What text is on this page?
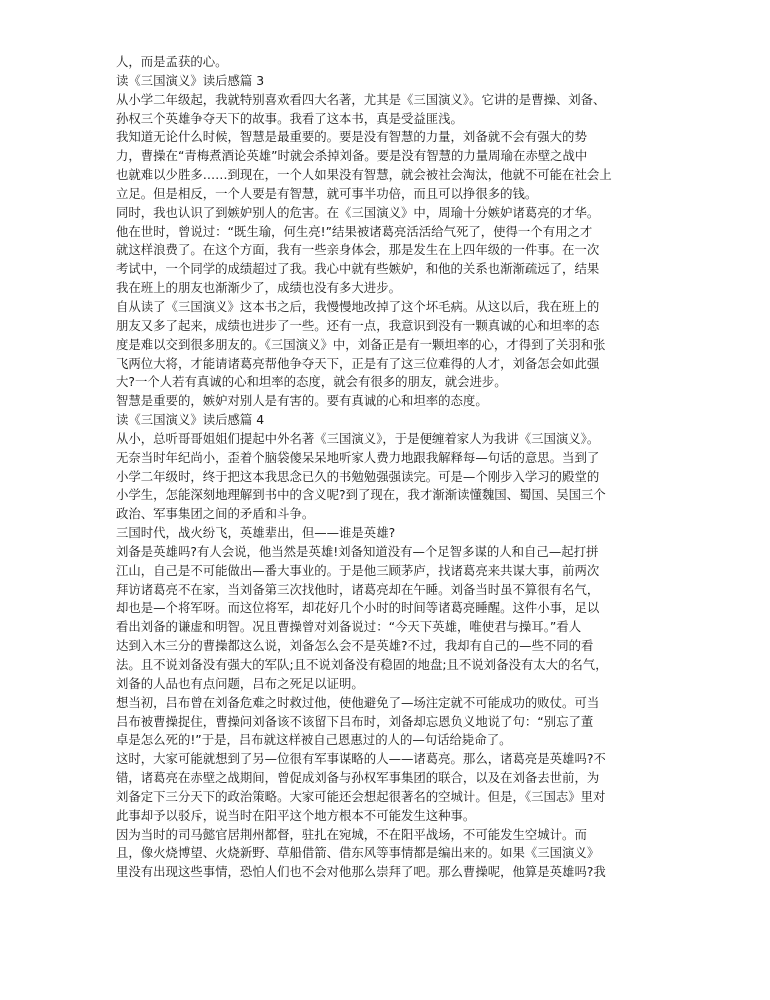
人，而是孟获的心。
读《三国演义》读后感篇 3
从小学二年级起，我就特别喜欢看四大名著，尤其是《三国演义》。它讲的是曹操、刘备、
孙权三个英雄争夺天下的故事。我看了这本书，真是受益匪浅。
我知道无论什么时候，智慧是最重要的。要是没有智慧的力量，刘备就不会有强大的势
力，曹操在“青梅煮酒论英雄”时就会杀掉刘备。要是没有智慧的力量周瑜在赤壁之战中
也就难以少胜多……到现在，一个人如果没有智慧，就会被社会淘汰，他就不可能在社会上
立足。但是相反，一个人要是有智慧，就可事半功倍，而且可以挣很多的钱。
同时，我也认识了到嫉妒别人的危害。在《三国演义》中，周瑜十分嫉妒诸葛亮的才华。
他在世时，曾说过：“既生瑜，何生亮!”结果被诸葛亮活活给气死了，使得一个有用之才
就这样浪费了。在这个方面，我有一些亲身体会，那是发生在上四年级的一件事。在一次
考试中，一个同学的成绩超过了我。我心中就有些嫉妒，和他的关系也渐渐疏远了，结果
我在班上的朋友也渐渐少了，成绩也没有多大进步。
自从读了《三国演义》这本书之后，我慢慢地改掉了这个坏毛病。从这以后，我在班上的
朋友又多了起来，成绩也进步了一些。还有一点，我意识到没有一颗真诚的心和坦率的态
度是难以交到很多朋友的。《三国演义》中，刘备正是有一颗坦率的心，才得到了关羽和张
飞两位大将，才能请诸葛亮帮他争夺天下，正是有了这三位难得的人才，刘备怎会如此强
大?一个人若有真诚的心和坦率的态度，就会有很多的朋友，就会进步。
智慧是重要的，嫉妒对别人是有害的。要有真诚的心和坦率的态度。
读《三国演义》读后感篇 4
从小，总听哥哥姐姐们提起中外名著《三国演义》，于是便缠着家人为我讲《三国演义》。
无奈当时年纪尚小，歪着个脑袋傻呆呆地听家人费力地跟我解释每—句话的意思。当到了
小学二年级时，终于把这本我思念已久的书勉勉强强读完。可是—个刚步入学习的殿堂的
小学生，怎能深刻地理解到书中的含义呢?到了现在，我才渐渐读懂魏国、蜀国、吴国三个
政治、军事集团之间的矛盾和斗争。
三国时代，战火纷飞，英雄辈出，但——谁是英雄?
刘备是英雄吗?有人会说，他当然是英雄!刘备知道没有—个足智多谋的人和自己—起打拼
江山，自己是不可能做出—番大事业的。于是他三顾茅庐，找诸葛亮来共谋大事，前两次
拜访诸葛亮不在家，当刘备第三次找他时，诸葛亮却在午睡。刘备当时虽不算很有名气，
却也是—个将军呀。而这位将军，却花好几个小时的时间等诸葛亮睡醒。这件小事，足以
看出刘备的谦虚和明智。况且曹操曾对刘备说过：“今天下英雄，唯使君与操耳。”看人
达到入木三分的曹操都这么说，刘备怎么会不是英雄?不过，我却有自己的—些不同的看
法。且不说刘备没有强大的军队;且不说刘备没有稳固的地盘;且不说刘备没有太大的名气，
刘备的人品也有点问题，吕布之死足以证明。
想当初，吕布曾在刘备危难之时救过他，使他避免了—场注定就不可能成功的败仗。可当
吕布被曹操捉住，曹操问刘备该不该留下吕布时，刘备却忘恩负义地说了句：“别忘了董
卓是怎么死的!”于是，吕布就这样被自己恩惠过的人的—句话给毙命了。
这时，大家可能就想到了另—位很有军事谋略的人——诸葛亮。那么，诸葛亮是英雄吗?不
错，诸葛亮在赤壁之战期间，曾促成刘备与孙权军事集团的联合，以及在刘备去世前，为
刘备定下三分天下的政治策略。大家可能还会想起很著名的空城计。但是，《三国志》里对
此事却予以驳斥，说当时在阳平这个地方根本不可能发生这种事。
因为当时的司马懿官居荆州都督，驻扎在宛城，不在阳平战场，不可能发生空城计。而
且，像火烧博望、火烧新野、草船借箭、借东风等事情都是编出来的。如果《三国演义》
里没有出现这些事情，恐怕人们也不会对他那么崇拜了吧。那么曹操呢，他算是英雄吗?我
